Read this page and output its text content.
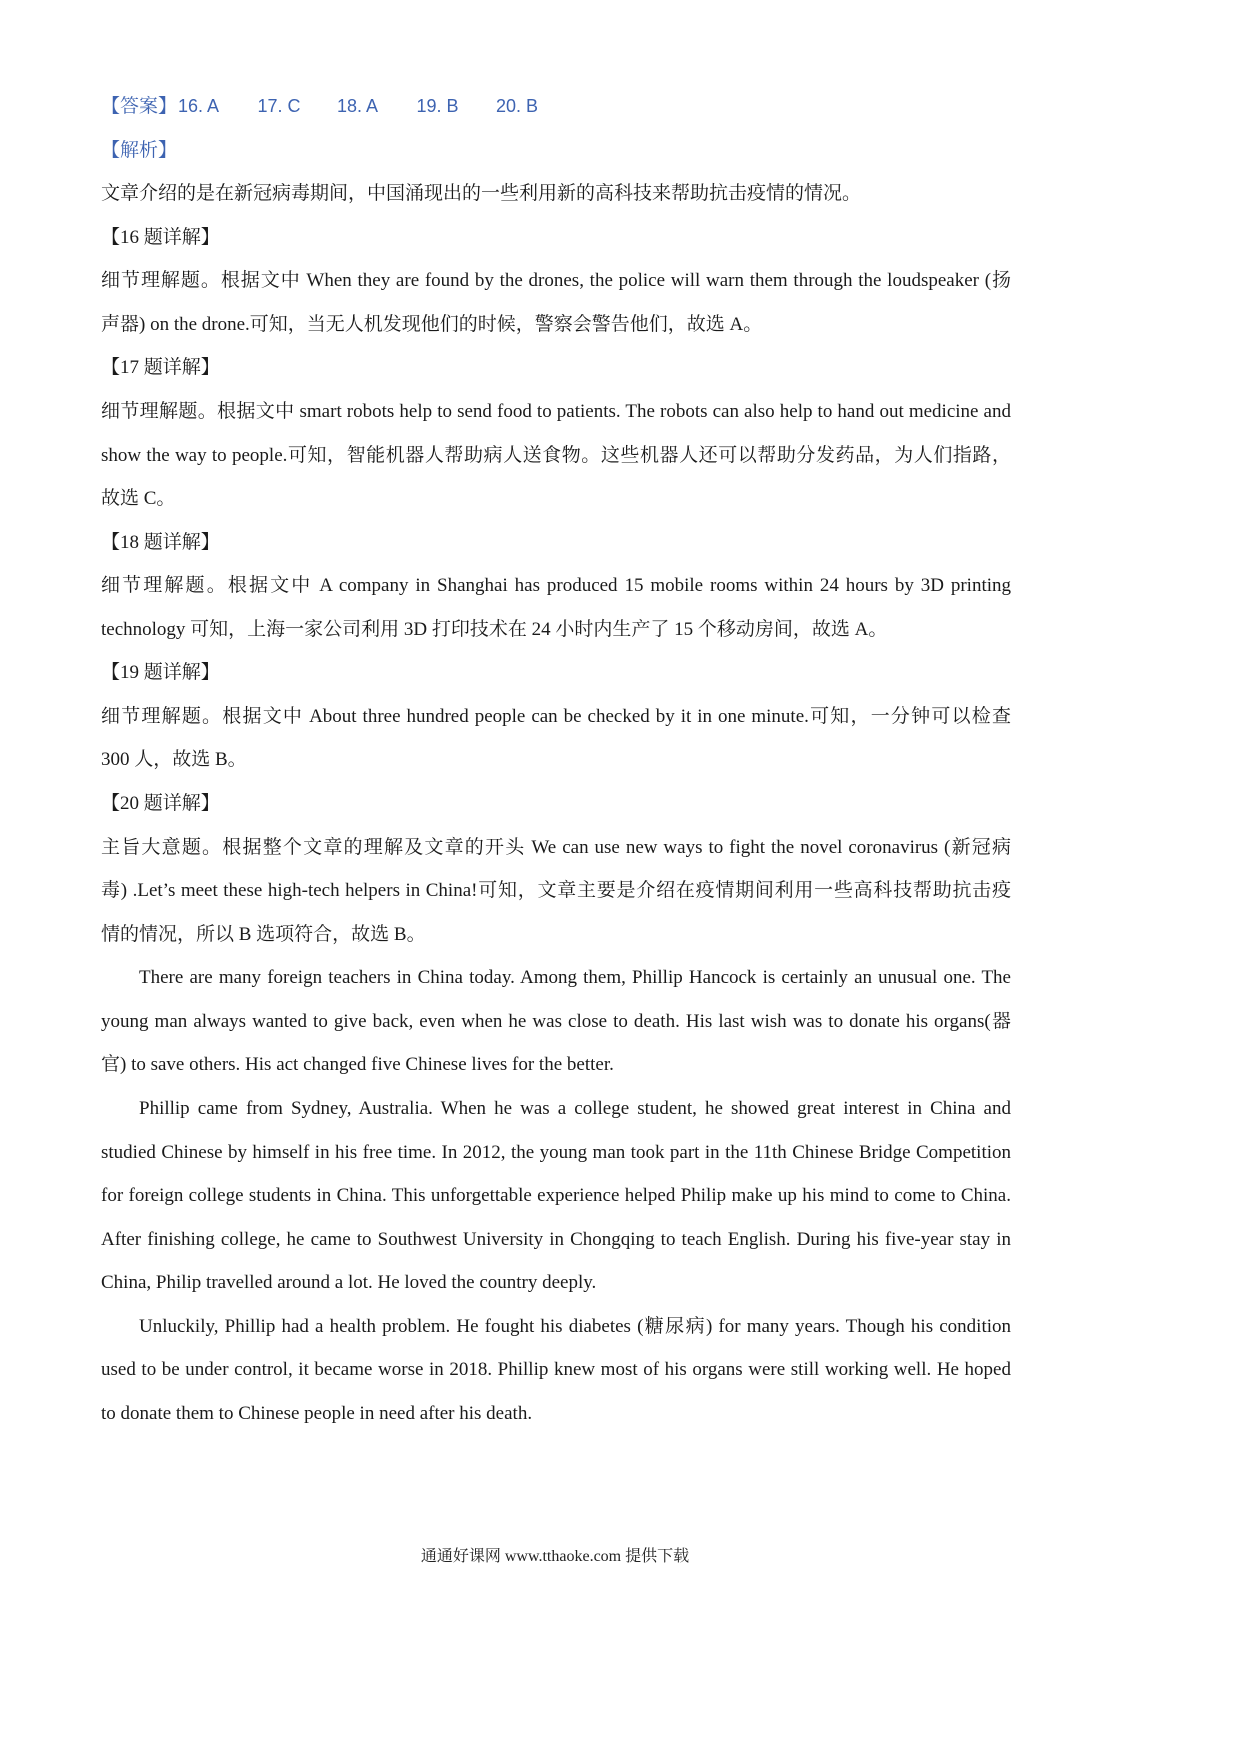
【答案】 16. A	17. C	18. A	19. B	20. B
【解析】
文章介绍的是在新冠病毒期间，中国涌现出的一些利用新的高科技来帮助抗击疫情的情况。
【16 题详解】
细节理解题。根据文中 When they are found by the drones, the police will warn them through the loudspeaker (扬
声器) on the drone.可知，当无人机发现他们的时候，警察会警告他们，故选 A。
【17 题详解】
细节理解题。根据文中 smart robots help to send food to patients. The robots can also help to hand out medicine and
show the way to people.可知，智能机器人帮助病人送食物。这些机器人还可以帮助分发药品，为人们指路，
故选 C。
【18 题详解】
细节理解题。根据文中 A company in Shanghai has produced 15 mobile rooms within 24 hours by 3D printing
technology 可知，上海一家公司利用 3D 打印技术在 24 小时内生产了 15 个移动房间，故选 A。
【19 题详解】
细节理解题。根据文中 About three hundred people can be checked by it in one minute.可知，一分钟可以检查
300 人，故选 B。
【20 题详解】
主旨大意题。根据整个文章的理解及文章的开头 We can use new ways to fight the novel coronavirus (新冠病
毒) .Let’s meet these high-tech helpers in China!可知，文章主要是介绍在疫情期间利用一些高科技帮助抗击疫
情的情况，所以 B 选项符合，故选 B。
There are many foreign teachers in China today. Among them, Phillip Hancock is certainly an unusual one. The
young man always wanted to give back, even when he was close to death. His last wish was to donate his organs(器
官) to save others. His act changed five Chinese lives for the better.
Phillip came from Sydney, Australia. When he was a college student, he showed great interest in China and
studied Chinese by himself in his free time. In 2012, the young man took part in the 11th Chinese Bridge Competition
for foreign college students in China. This unforgettable experience helped Philip make up his mind to come to China.
After finishing college, he came to Southwest University in Chongqing to teach English. During his five-year stay in
China, Philip travelled around a lot. He loved the country deeply.
Unluckily, Phillip had a health problem. He fought his diabetes (糖尿病) for many years. Though his condition
used to be under control, it became worse in 2018. Phillip knew most of his organs were still working well. He hoped
to donate them to Chinese people in need after his death.
通通好课网 www.tthaoke.com 提供下载
